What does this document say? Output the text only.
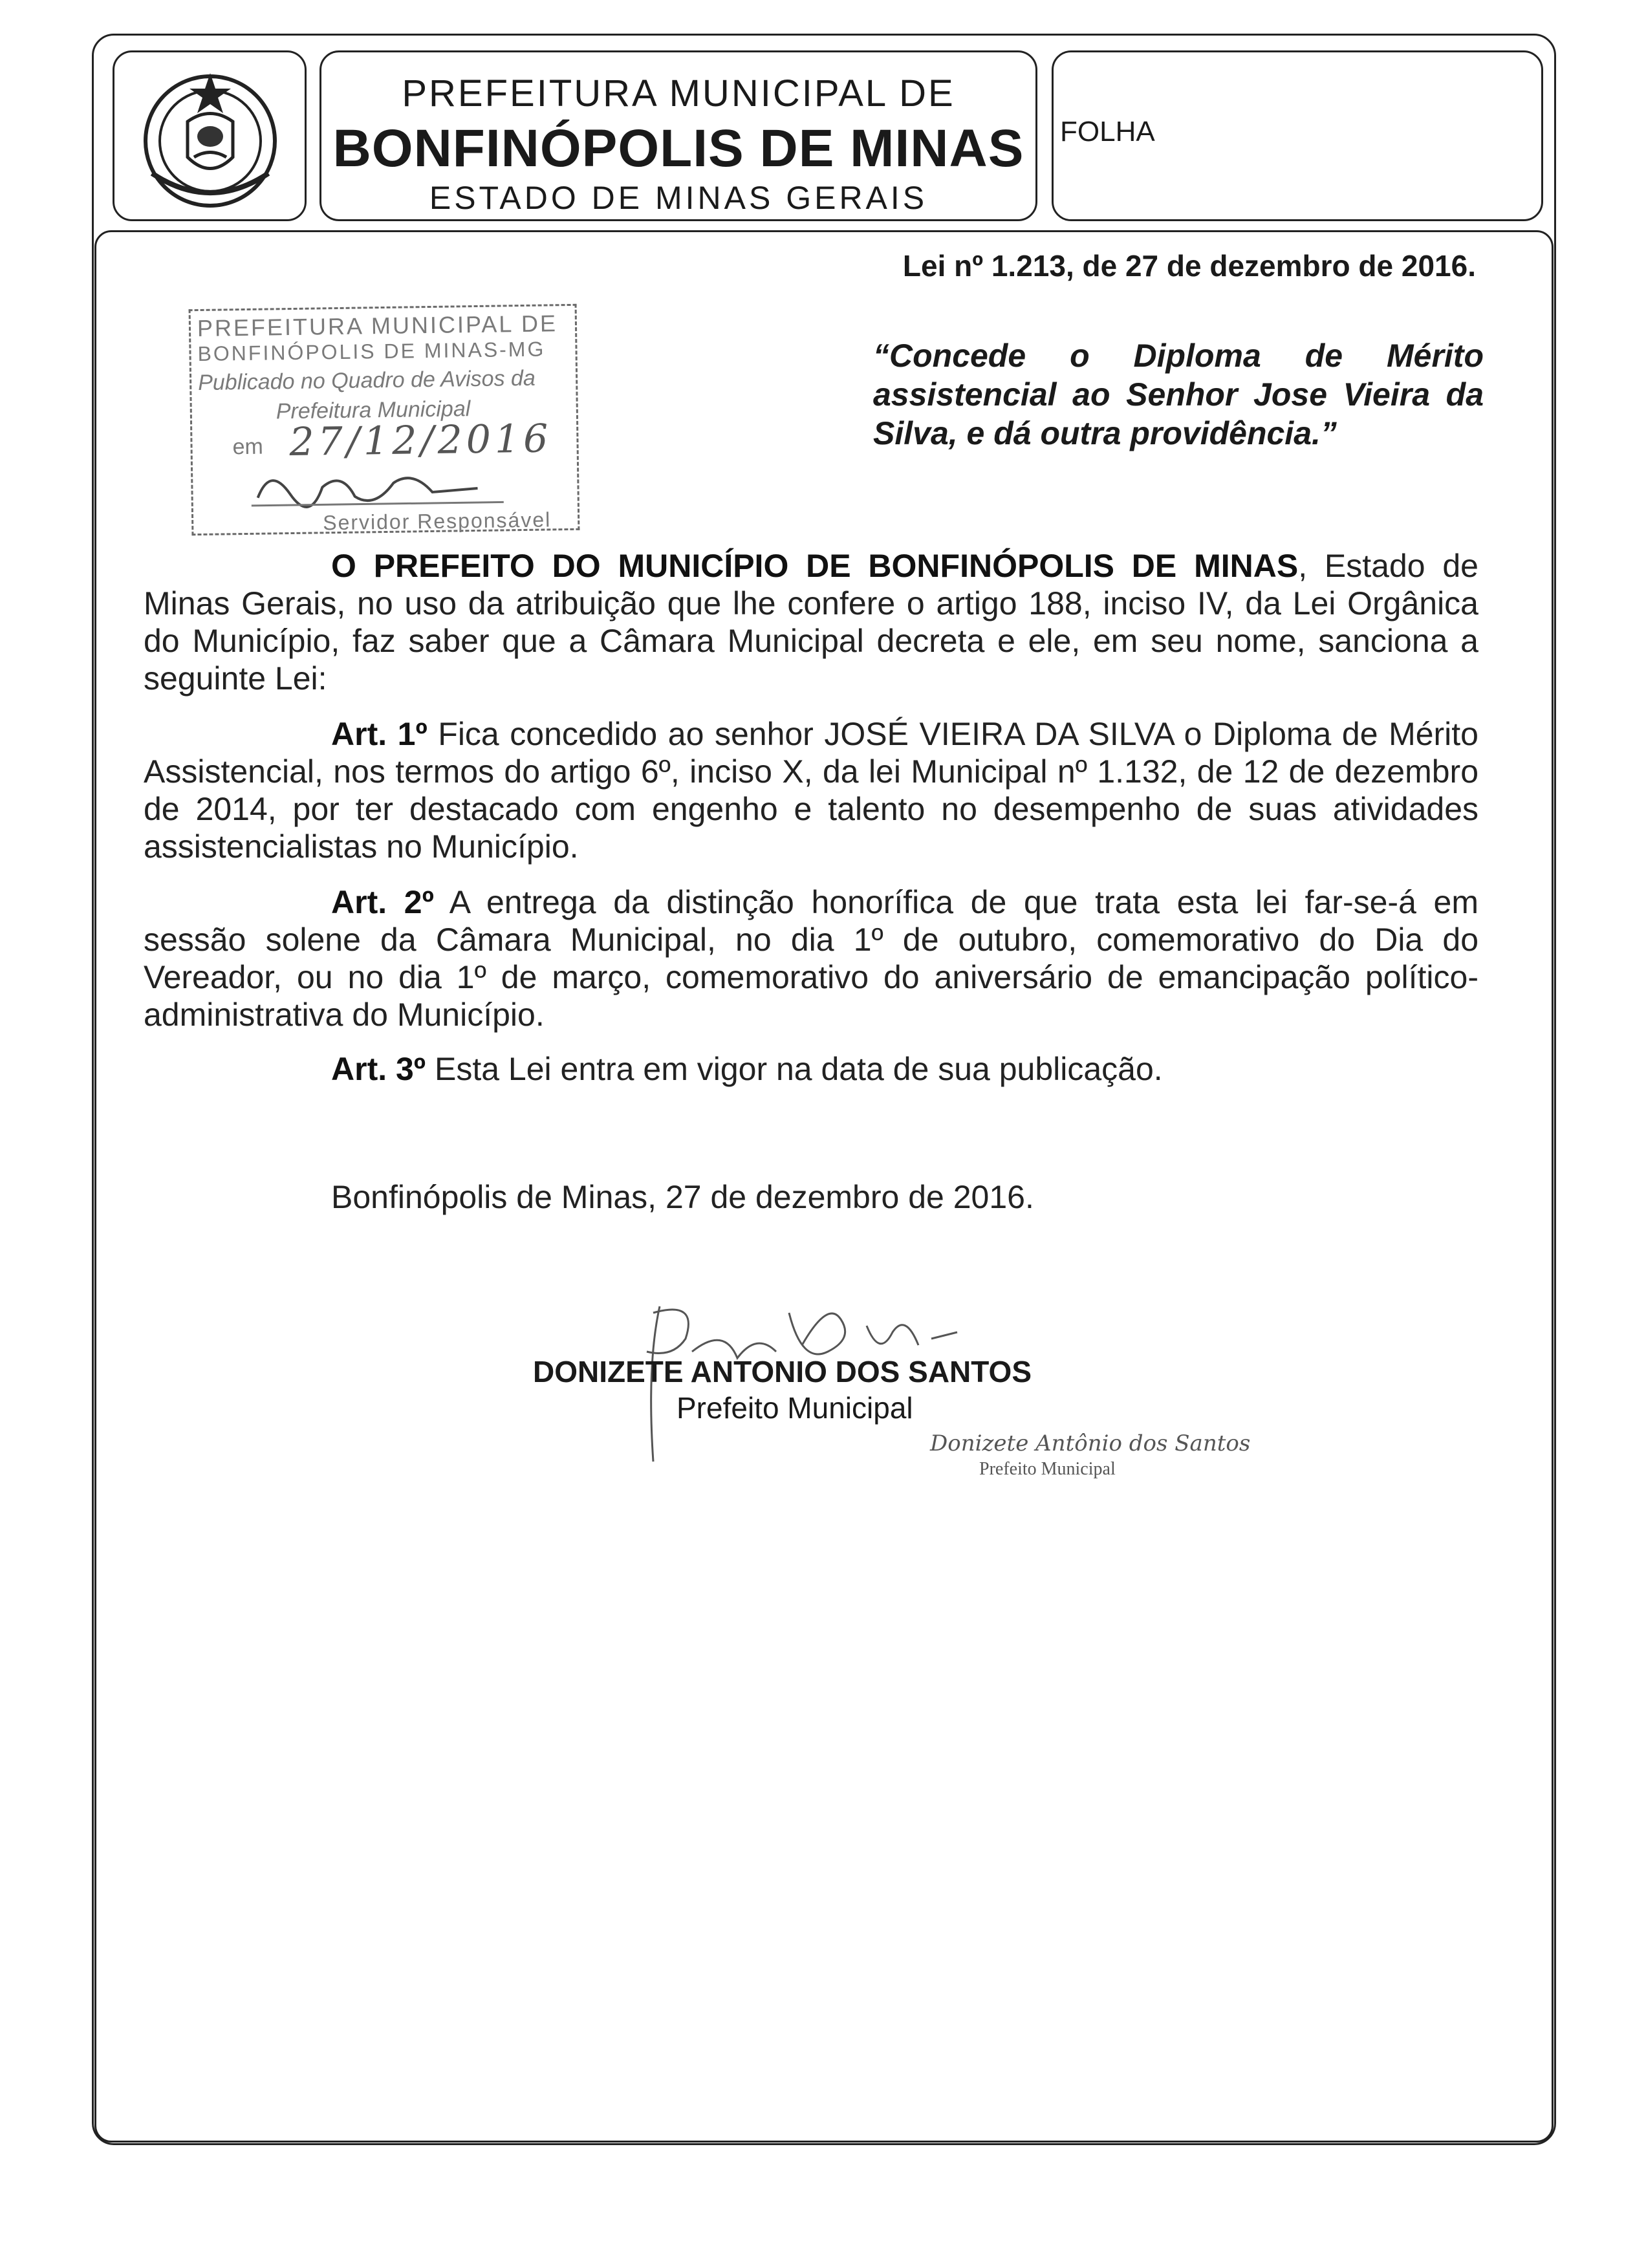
PREFEITURA MUNICIPAL DE
BONFINÓPOLIS DE MINAS
ESTADO DE MINAS GERAIS
FOLHA
Lei nº 1.213, de 27 de dezembro de 2016.
“Concede o Diploma de Mérito assistencial ao Senhor Jose Vieira da Silva, e dá outra providência.”
PREFEITURA MUNICIPAL DE
BONFINÓPOLIS DE MINAS-MG
Publicado no Quadro de Avisos da
Prefeitura Municipal
em 27/12/2016
Servidor Responsável
O PREFEITO DO MUNICÍPIO DE BONFINÓPOLIS DE MINAS, Estado de Minas Gerais, no uso da atribuição que lhe confere o artigo 188, inciso IV, da Lei Orgânica do Município, faz saber que a Câmara Municipal decreta e ele, em seu nome, sanciona a seguinte Lei:
Art. 1º Fica concedido ao senhor JOSÉ VIEIRA DA SILVA o Diploma de Mérito Assistencial, nos termos do artigo 6º, inciso X, da lei Municipal nº 1.132, de 12 de dezembro de 2014, por ter destacado com engenho e talento no desempenho de suas atividades assistencialistas no Município.
Art. 2º A entrega da distinção honorífica de que trata esta lei far-se-á em sessão solene da Câmara Municipal, no dia 1º de outubro, comemorativo do Dia do Vereador, ou no dia 1º de março, comemorativo do aniversário de emancipação político-administrativa do Município.
Art. 3º Esta Lei entra em vigor na data de sua publicação.
Bonfinópolis de Minas, 27 de dezembro de 2016.
DONIZETE ANTONIO DOS SANTOS
Prefeito Municipal
Donizete Antônio dos Santos
Prefeito Municipal
